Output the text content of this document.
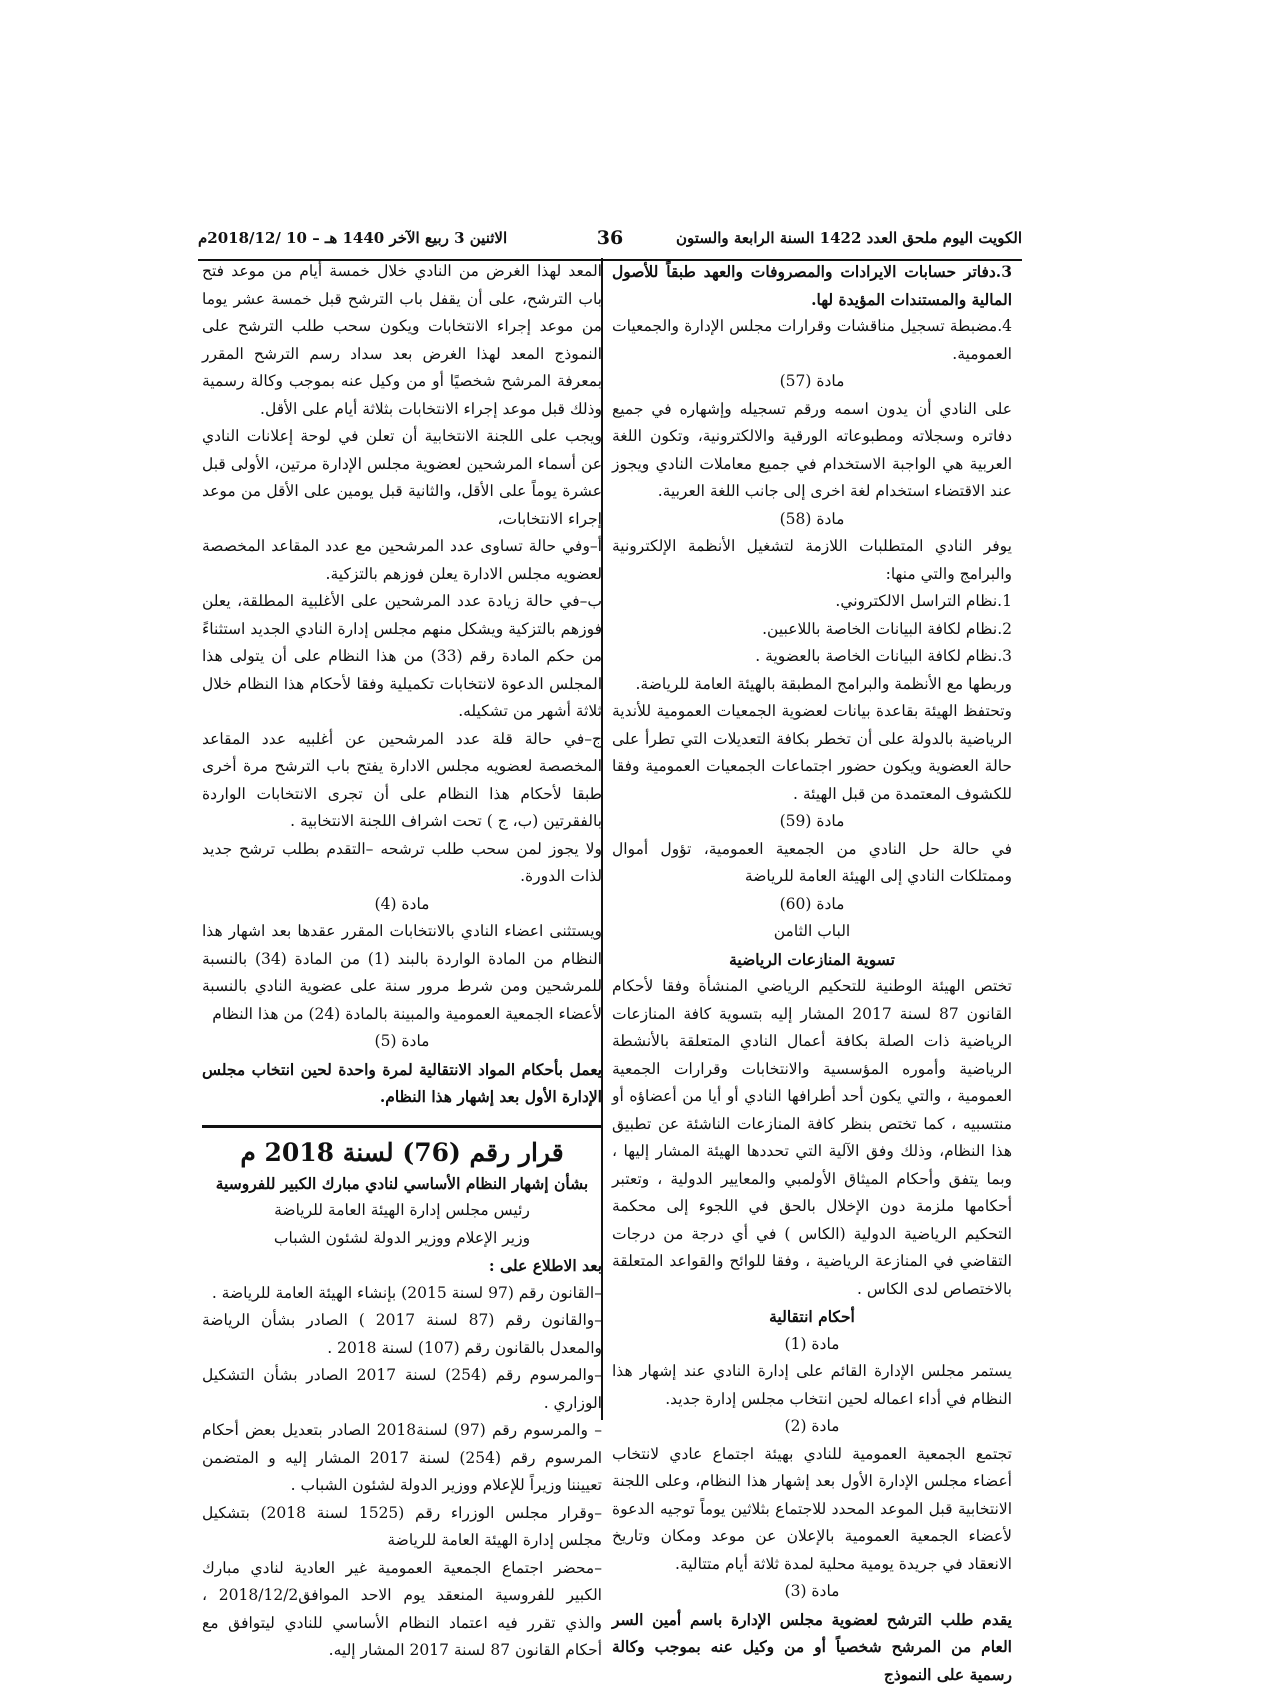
الكويت اليوم ملحق العدد 1422 السنة الرابعة والستون
36
الاثنين 3 ربيع الآخر 1440 هـ – 10 /2018/12م

3.دفاتر حسابات الايرادات والمصروفات والعهد طبقاً للأصول المالية والمستندات المؤيدة لها.

4.مضبطة تسجيل مناقشات وقرارات مجلس الإدارة والجمعيات العمومية.

مادة (57)

على النادي أن يدون اسمه ورقم تسجيله وإشهاره في جميع دفاتره وسجلاته ومطبوعاته الورقية والالكترونية، وتكون اللغة العربية هي الواجبة الاستخدام في جميع معاملات النادي ويجوز عند الاقتضاء استخدام لغة اخرى إلى جانب اللغة العربية.

مادة (58)

يوفر النادي المتطلبات اللازمة لتشغيل الأنظمة الإلكترونية والبرامج والتي منها:

1.نظام التراسل الالكتروني.

2.نظام لكافة البيانات الخاصة باللاعبين.

3.نظام لكافة البيانات الخاصة بالعضوية .

وربطها مع الأنظمة والبرامج المطبقة بالهيئة العامة للرياضة.

وتحتفظ الهيئة بقاعدة بيانات لعضوية الجمعيات العمومية للأندية الرياضية بالدولة على أن تخطر بكافة التعديلات التي تطرأ على حالة العضوية ويكون حضور اجتماعات الجمعيات العمومية وفقا للكشوف المعتمدة من قبل الهيئة .

مادة (59)

في حالة حل النادي من الجمعية العمومية، تؤول أموال وممتلكات النادي إلى الهيئة العامة للرياضة

مادة (60)

الباب الثامن

تسوية المنازعات الرياضية

تختص الهيئة الوطنية للتحكيم الرياضي المنشأة وفقا لأحكام القانون 87 لسنة 2017 المشار إليه بتسوية كافة المنازعات الرياضية ذات الصلة بكافة أعمال النادي المتعلقة بالأنشطة الرياضية وأموره المؤسسية والانتخابات وقرارات الجمعية العمومية ، والتي يكون أحد أطرافها النادي أو أيا من أعضاؤه أو منتسبيه ، كما تختص بنظر كافة المنازعات الناشئة عن تطبيق هذا النظام، وذلك وفق الآلية التي تحددها الهيئة المشار إليها ، وبما يتفق وأحكام الميثاق الأولمبي والمعايير الدولية ، وتعتبر أحكامها ملزمة دون الإخلال بالحق في اللجوء إلى محكمة التحكيم الرياضية الدولية (الكاس ) في أي درجة من درجات التقاضي في المنازعة الرياضية ، وفقا للوائح والقواعد المتعلقة بالاختصاص لدى الكاس .

أحكام انتقالية

مادة (1)

يستمر مجلس الإدارة القائم على إدارة النادي عند إشهار هذا النظام في أداء اعماله لحين انتخاب مجلس إدارة جديد.

مادة (2)

تجتمع الجمعية العمومية للنادي بهيئة اجتماع عادي لانتخاب أعضاء مجلس الإدارة الأول بعد إشهار هذا النظام، وعلى اللجنة الانتخابية قبل الموعد المحدد للاجتماع بثلاثين يوماً توجيه الدعوة لأعضاء الجمعية العمومية بالإعلان عن موعد ومكان وتاريخ الانعقاد في جريدة يومية محلية لمدة ثلاثة أيام متتالية.

مادة (3)

يقدم طلب الترشح لعضوية مجلس الإدارة باسم أمين السر العام من المرشح شخصياً أو من وكيل عنه بموجب وكالة رسمية على النموذج

المعد لهذا الغرض من النادي خلال خمسة أيام من موعد فتح باب الترشح، على أن يقفل باب الترشح قبل خمسة عشر يوما من موعد إجراء الانتخابات ويكون سحب طلب الترشح على النموذج المعد لهذا الغرض بعد سداد رسم الترشح المقرر بمعرفة المرشح شخصيًا أو من وكيل عنه بموجب وكالة رسمية وذلك قبل موعد إجراء الانتخابات بثلاثة أيام على الأقل.

ويجب على اللجنة الانتخابية أن تعلن في لوحة إعلانات النادي عن أسماء المرشحين لعضوية مجلس الإدارة مرتين، الأولى قبل عشرة يوماً على الأقل، والثانية قبل يومين على الأقل من موعد إجراء الانتخابات،

أ–وفي حالة تساوى عدد المرشحين مع عدد المقاعد المخصصة لعضويه مجلس الادارة يعلن فوزهم بالتزكية.

ب–في حالة زيادة عدد المرشحين على الأغلبية المطلقة، يعلن فوزهم بالتزكية ويشكل منهم مجلس إدارة النادي الجديد استثناءً من حكم المادة رقم (33) من هذا النظام على أن يتولى هذا المجلس الدعوة لانتخابات تكميلية وفقا لأحكام هذا النظام خلال ثلاثة أشهر من تشكيله.

ج–في حالة قلة عدد المرشحين عن أغلبيه عدد المقاعد المخصصة لعضويه مجلس الادارة يفتح باب الترشح مرة أخرى طبقا لأحكام هذا النظام على أن تجرى الانتخابات الواردة بالفقرتين (ب، ج ) تحت اشراف اللجنة الانتخابية .

ولا يجوز لمن سحب طلب ترشحه –التقدم بطلب ترشح جديد لذات الدورة.

مادة (4)

ويستثنى اعضاء النادي بالانتخابات المقرر عقدها بعد اشهار هذا النظام من المادة الواردة بالبند (1) من المادة (34) بالنسبة للمرشحين ومن شرط مرور سنة على عضوية النادي بالنسبة لأعضاء الجمعية العمومية والمبينة بالمادة (24) من هذا النظام

مادة (5)

يعمل بأحكام المواد الانتقالية لمرة واحدة لحين انتخاب مجلس الإدارة الأول بعد إشهار هذا النظام.

قرار رقم (76) لسنة 2018 م

بشأن إشهار النظام الأساسي لنادي مبارك الكبير للفروسية

رئيس مجلس إدارة الهيئة العامة للرياضة

وزير الإعلام ووزير الدولة لشئون الشباب

بعد الاطلاع على :

–القانون رقم (97 لسنة 2015) بإنشاء الهيئة العامة للرياضة .

–والقانون رقم (87 لسنة 2017 ) الصادر بشأن الرياضة والمعدل بالقانون رقم (107) لسنة 2018 .

–والمرسوم رقم (254) لسنة 2017 الصادر بشأن التشكيل الوزاري .

– والمرسوم رقم (97) لسنة2018 الصادر بتعديل بعض أحكام المرسوم رقم (254) لسنة 2017 المشار إليه و المتضمن تعييننا وزيراً للإعلام ووزير الدولة لشئون الشباب .

–وقرار مجلس الوزراء رقم (1525 لسنة 2018) بتشكيل مجلس إدارة الهيئة العامة للرياضة

–محضر اجتماع الجمعية العمومية غير العادية لنادي مبارك الكبير للفروسية المنعقد يوم الاحد الموافق2018/12/2 ، والذي تقرر فيه اعتماد النظام الأساسي للنادي ليتوافق مع أحكام القانون 87 لسنة 2017 المشار إليه.
